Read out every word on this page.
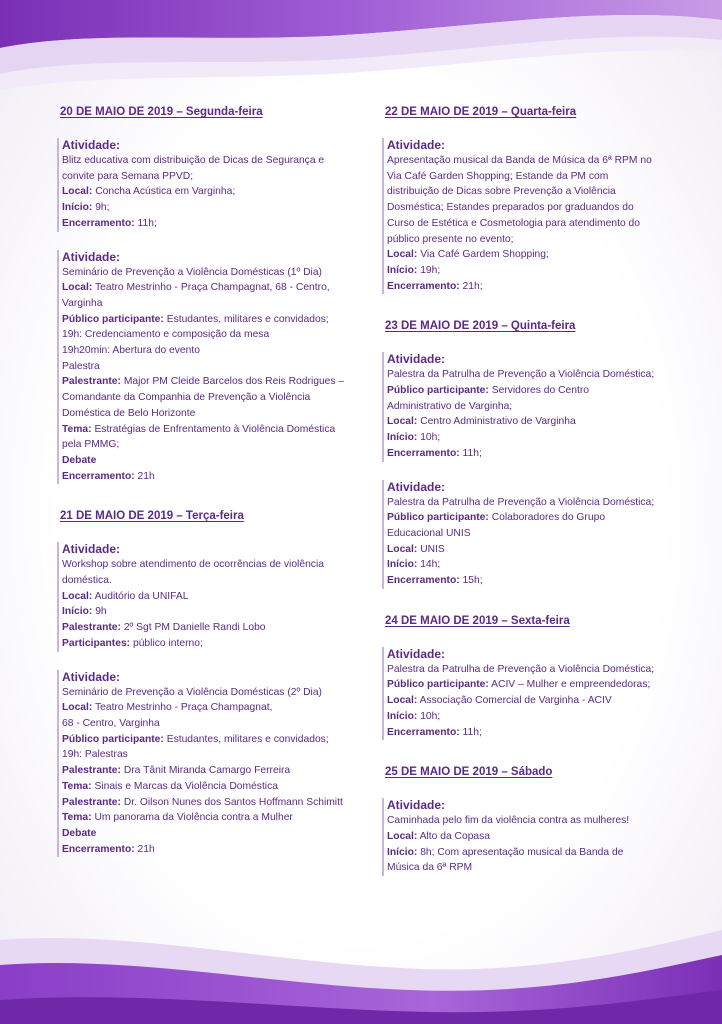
20 DE MAIO DE 2019 – Segunda-feira
Atividade:
Blitz educativa com distribuição de Dicas de Segurança e
convite para Semana PPVD;
Local: Concha Acústica em Varginha;
Início: 9h;
Encerramento: 11h;
Atividade:
Seminário de Prevenção a Violência Domésticas (1º Dia)
Local: Teatro Mestrinho - Praça Champagnat, 68 - Centro,
Varginha
Público participante: Estudantes, militares e convidados;
19h: Credenciamento e composição da mesa
19h20min: Abertura do evento
Palestra
Palestrante: Major PM Cleide Barcelos dos Reis Rodrigues –
Comandante da Companhia de Prevenção a Violência
Doméstica de Belo Horizonte
Tema: Estratégias de Enfrentamento à Violência Doméstica
pela PMMG;
Debate
Encerramento: 21h
21 DE MAIO DE 2019 – Terça-feira
Atividade:
Workshop sobre atendimento de ocorrências de violência
doméstica.
Local: Auditório da UNIFAL
Início: 9h
Palestrante: 2º Sgt PM Danielle Randi Lobo
Participantes: público interno;
Atividade:
Seminário de Prevenção a Violência Domésticas (2º Dia)
Local: Teatro Mestrinho - Praça Champagnat,
68 - Centro, Varginha
Público participante: Estudantes, militares e convidados;
19h: Palestras
Palestrante: Dra Tânit Miranda Camargo Ferreira
Tema: Sinais e Marcas da Violência Doméstica
Palestrante: Dr. Oilson Nunes dos Santos Hoffmann Schimitt
Tema: Um panorama da Violência contra a Mulher
Debate
Encerramento: 21h
22 DE MAIO DE 2019 – Quarta-feira
Atividade:
Apresentação musical da Banda de Música da 6ª RPM no
Via Café Garden Shopping; Estande da PM com
distribuição de Dicas sobre Prevenção a Violência
Dosméstica; Estandes preparados por graduandos do
Curso de Estética e Cosmetologia para atendimento do
público presente no evento;
Local: Via Café Gardem Shopping;
Início: 19h;
Encerramento: 21h;
23 DE MAIO DE 2019 – Quinta-feira
Atividade:
Palestra da Patrulha de Prevenção a Violência Doméstica;
Público participante: Servidores do Centro
Administrativo de Varginha;
Local: Centro Administrativo de Varginha
Início: 10h;
Encerramento: 11h;
Atividade:
Palestra da Patrulha de Prevenção a Violência Doméstica;
Público participante: Colaboradores do Grupo
Educacional UNIS
Local: UNIS
Início: 14h;
Encerramento: 15h;
24 DE MAIO DE 2019 – Sexta-feira
Atividade:
Palestra da Patrulha de Prevenção a Violência Doméstica;
Público participante: ACIV – Mulher e empreendedoras;
Local: Associação Comercial de Varginha - ACIV
Início: 10h;
Encerramento: 11h;
25 DE MAIO DE 2019 – Sábado
Atividade:
Caminhada pelo fim da violência contra as mulheres!
Local: Alto da Copasa
Início: 8h; Com apresentação musical da Banda de
Música da 6ª RPM
